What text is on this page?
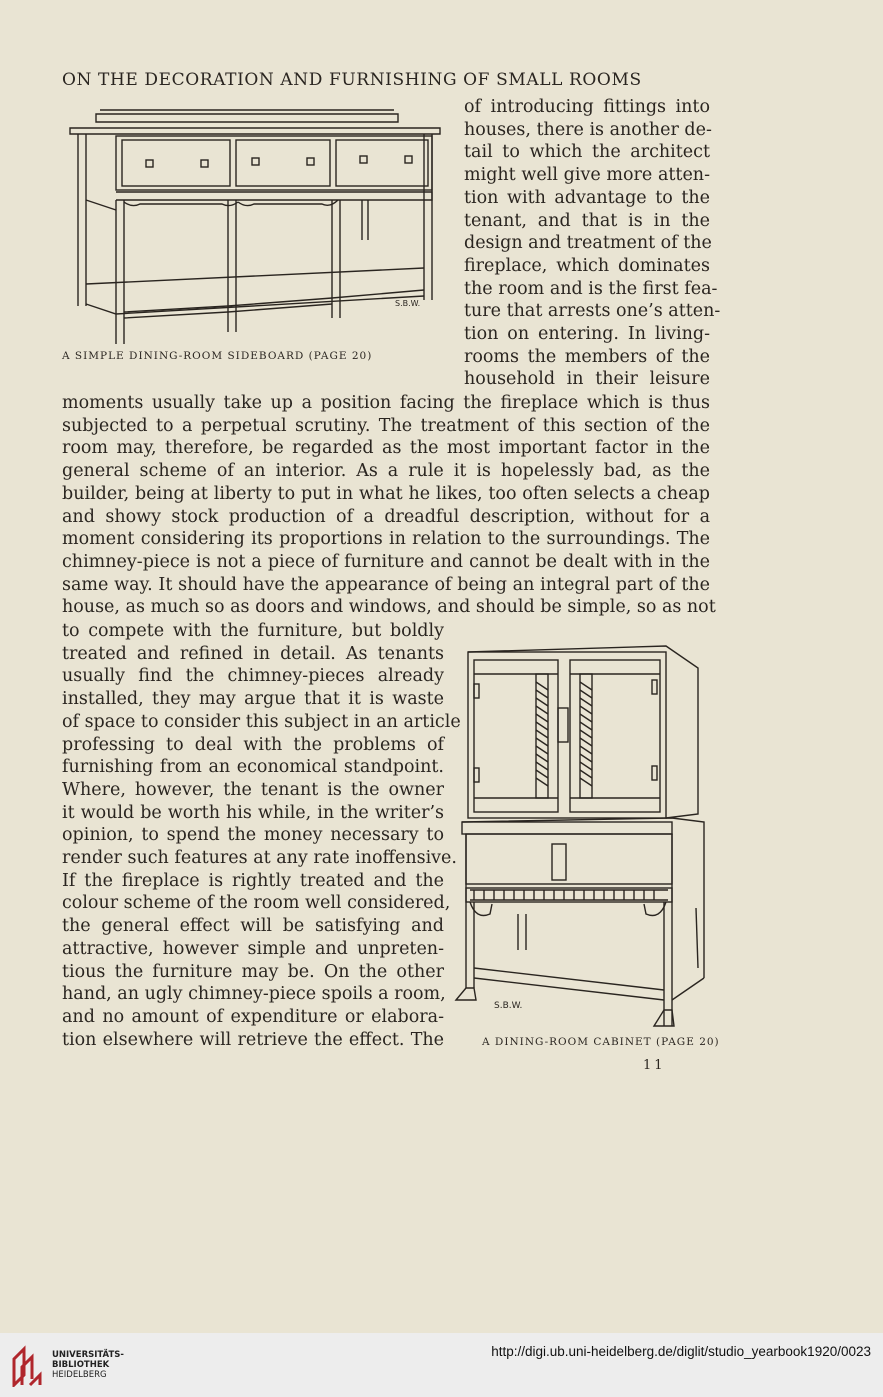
ON THE DECORATION AND FURNISHING OF SMALL ROOMS
S.B.W.
A SIMPLE DINING-ROOM SIDEBOARD (PAGE 20)
of introducing fittings into
houses, there is another de-
tail to which the architect
might well give more atten-
tion with advantage to the
tenant, and that is in the
design and treatment of the
fireplace, which dominates
the room and is the first fea-
ture that arrests one’s atten-
tion on entering. In living-
rooms the members of the
household in their leisure
moments usually take up a position facing the fireplace which is thus
subjected to a perpetual scrutiny. The treatment of this section of the
room may, therefore, be regarded as the most important factor in the
general scheme of an interior. As a rule it is hopelessly bad, as the
builder, being at liberty to put in what he likes, too often selects a cheap
and showy stock production of a dreadful description, without for a
moment considering its proportions in relation to the surroundings. The
chimney-piece is not a piece of furniture and cannot be dealt with in the
same way. It should have the appearance of being an integral part of the
house, as much so as doors and windows, and should be simple, so as not
to compete with the furniture, but boldly
treated and refined in detail. As tenants
usually find the chimney-pieces already
installed, they may argue that it is waste
of space to consider this subject in an article
professing to deal with the problems of
furnishing from an economical standpoint.
Where, however, the tenant is the owner
it would be worth his while, in the writer’s
opinion, to spend the money necessary to
render such features at any rate inoffensive.
If the fireplace is rightly treated and the
colour scheme of the room well considered,
the general effect will be satisfying and
attractive, however simple and unpreten-
tious the furniture may be. On the other
hand, an ugly chimney-piece spoils a room,
and no amount of expenditure or elabora-
tion elsewhere will retrieve the effect. The
S.B.W.
A DINING-ROOM CABINET (PAGE 20)
11
UNIVERSITÄTS-
BIBLIOTHEK
HEIDELBERG
http://digi.ub.uni-heidelberg.de/diglit/studio_yearbook1920/0023
